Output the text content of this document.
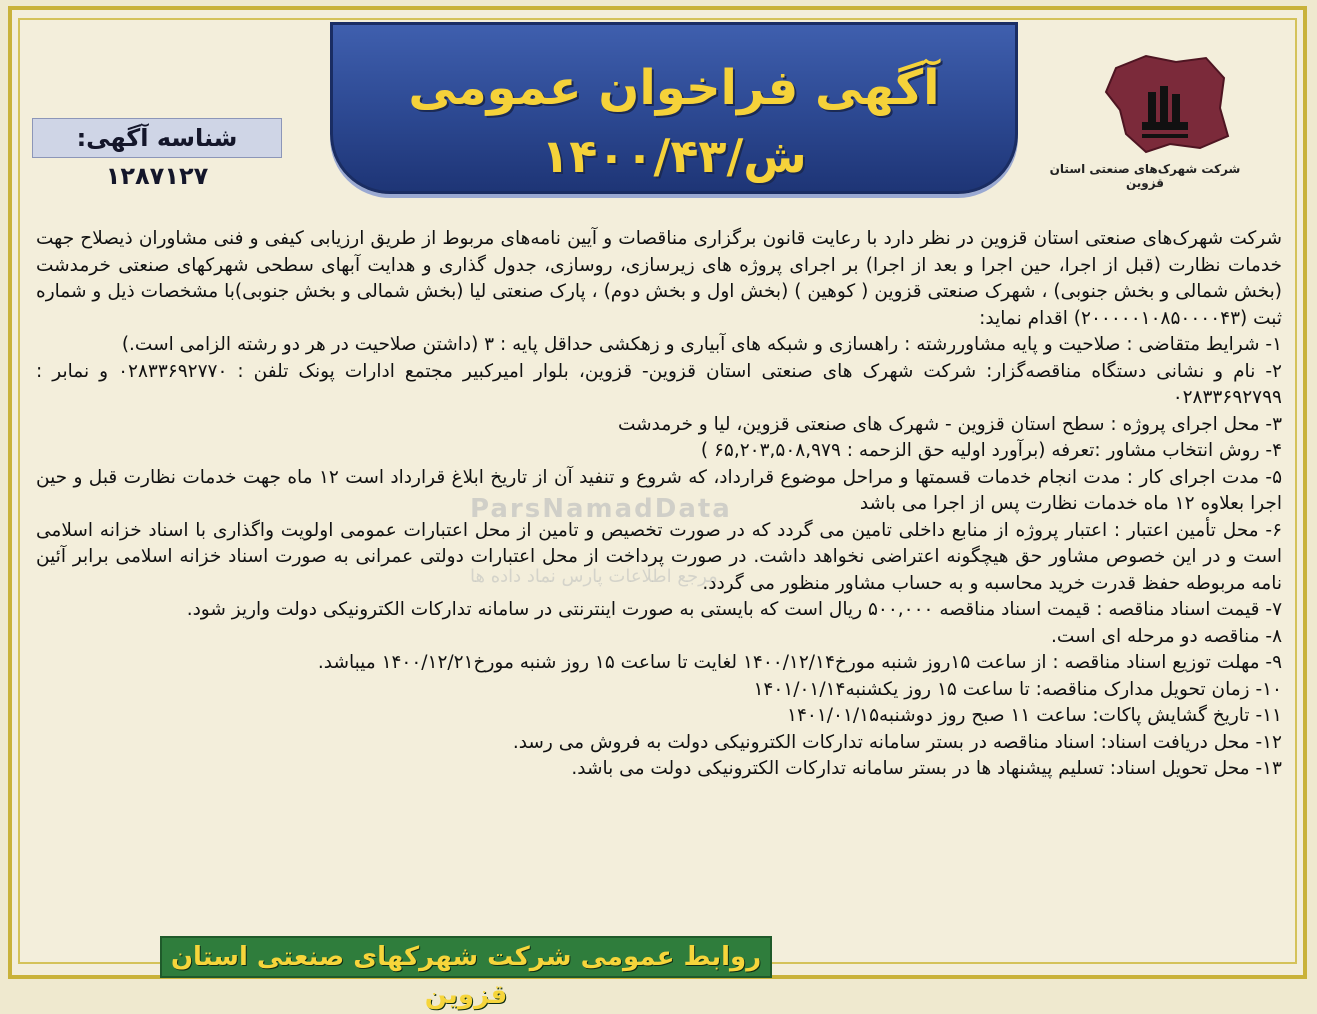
آگهی فراخوان عمومی
۱۴۰۰/۴۳/ش
شناسه آگهی: ۱۲۸۷۱۲۷	شرکت شهرک‌های صنعتی استان قزوین
ParsNamadData
مرجع اطلاعات پارس نماد داده ها

شرکت شهرک‌های صنعتی استان قزوین در نظر دارد با رعایت قانون برگزاری مناقصات و آیین نامه‌های مربوط از طریق ارزیابی کیفی و فنی مشاوران ذیصلاح جهت خدمات نظارت (قبل از اجرا، حین اجرا و بعد از اجرا) بر اجرای پروژه های زیرسازی، روسازی، جدول گذاری و هدایت آبهای سطحی شهرکهای صنعتی خرمدشت (بخش شمالی و بخش جنوبی) ، شهرک صنعتی قزوین ( کوهین ) (بخش اول و بخش دوم) ، پارک صنعتی لیا (بخش شمالی و بخش جنوبی)با مشخصات ذیل و شماره ثبت (۲۰۰۰۰۰۱۰۸۵۰۰۰۰۴۳) اقدام نماید:

۱- شرایط متقاضی : صلاحیت و پایه مشاوررشته : راهسازی و شبکه های آبیاری و زهکشی حداقل پایه : ۳ (داشتن صلاحیت در هر دو رشته الزامی است.)

۲- نام و نشانی دستگاه مناقصه‌گزار: شرکت شهرک های صنعتی استان قزوین- قزوین، بلوار امیرکبیر مجتمع ادارات پونک تلفن : ۰۲۸۳۳۶۹۲۷۷۰ و نمابر : ۰۲۸۳۳۶۹۲۷۹۹

۳- محل اجرای پروژه : سطح استان قزوین - شهرک های صنعتی قزوین، لیا و خرمدشت

۴- روش انتخاب مشاور :تعرفه (برآورد اولیه حق الزحمه : ۶۵,۲۰۳,۵۰۸,۹۷۹ )

۵- مدت اجرای کار : مدت انجام خدمات قسمتها و مراحل موضوع قرارداد، که شروع و تنفید آن از تاریخ ابلاغ قرارداد است ۱۲ ماه جهت خدمات نظارت قبل و حین اجرا بعلاوه ۱۲ ماه خدمات نظارت پس از اجرا می باشد

۶- محل تأمین اعتبار : اعتبار پروژه از منابع داخلی تامین می گردد که در صورت تخصیص و تامین از محل اعتبارات عمومی اولویت واگذاری با اسناد خزانه اسلامی است و در این خصوص مشاور حق هیچگونه اعتراضی نخواهد داشت. در صورت پرداخت از محل اعتبارات دولتی عمرانی به صورت اسناد خزانه اسلامی برابر آئین نامه مربوطه حفظ قدرت خرید محاسبه و به حساب مشاور منظور می گردد.

۷- قیمت اسناد مناقصه : قیمت اسناد مناقصه ۵۰۰,۰۰۰ ریال است که بایستی به صورت اینترنتی در سامانه تدارکات الکترونیکی دولت واریز شود.

۸- مناقصه دو مرحله ای است.

۹- مهلت توزیع اسناد مناقصه : از ساعت ۱۵روز شنبه مورخ۱۴۰۰/۱۲/۱۴ لغایت تا ساعت ۱۵ روز شنبه مورخ۱۴۰۰/۱۲/۲۱ میباشد.

۱۰- زمان تحویل مدارک مناقصه: تا ساعت ۱۵ روز یکشنبه۱۴۰۱/۰۱/۱۴

۱۱- تاریخ گشایش پاکات: ساعت ۱۱ صبح روز دوشنبه۱۴۰۱/۰۱/۱۵

۱۲- محل دریافت اسناد: اسناد مناقصه در بستر سامانه تدارکات الکترونیکی دولت به فروش می رسد.

۱۳- محل تحویل اسناد: تسلیم پیشنهاد ها در بستر سامانه تدارکات الکترونیکی دولت می باشد.

روابط عمومی شرکت شهرکهای صنعتی استان قزوین
